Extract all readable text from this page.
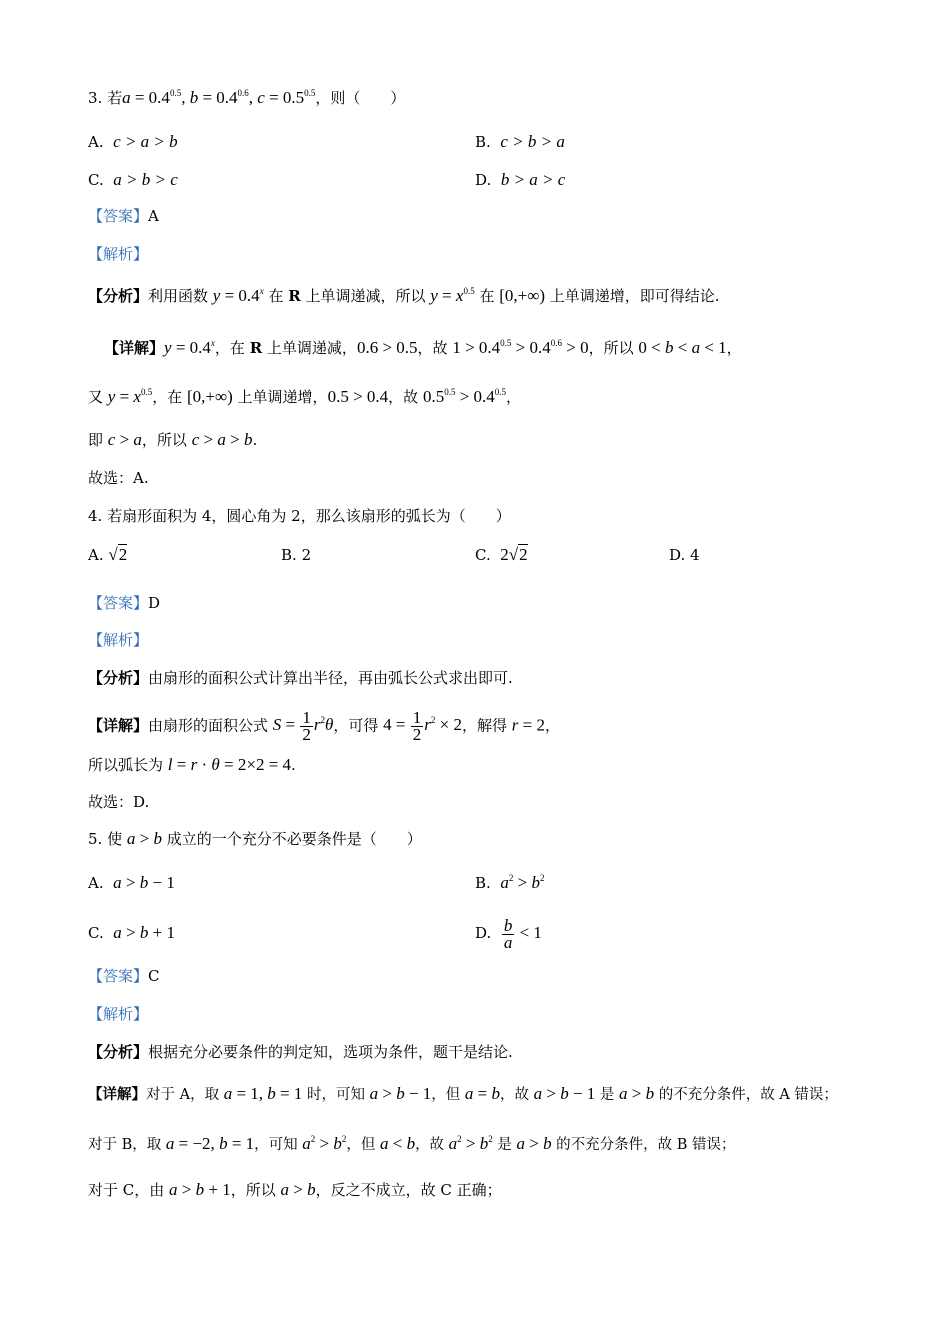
3. 若$a = 0.4^{0.5}$, $b = 0.4^{0.6}$, $c = 0.5^{0.5}$，则（　　）
A. c > a > b	B. c > b > a
C. a > b > c	D. b > a > c
【答案】A
【解析】
【分析】利用函数 $y = 0.4^x$ 在 R 上单调递减，所以 $y = x^{0.5}$ 在 [0,+∞) 上单调递增，即可得结论.
【详解】$y = 0.4^x$，在 R 上单调递减，0.6 > 0.5，故 $1 > 0.4^{0.5} > 0.4^{0.6} > 0$，所以 0 < b < a < 1，
又 $y = x^{0.5}$，在 [0,+∞) 上单调递增，0.5 > 0.4，故 $0.5^{0.5} > 0.4^{0.5}$，
即 c > a，所以 c > a > b.
故选：A.
4. 若扇形面积为 4，圆心角为 2，那么该扇形的弧长为（　　）
A. √2	B. 2	C. 2√2	D. 4
【答案】D
【解析】
【分析】由扇形的面积公式计算出半径，再由弧长公式求出即可.
【详解】由扇形的面积公式 $S = \frac{1}{2} r^2\theta$，可得 $4 = \frac{1}{2} r^2 \times 2$，解得 r = 2，
所以弧长为 l = r · θ = 2×2 = 4.
故选：D.
5. 使 a > b 成立的一个充分不必要条件是（　　）
A. a > b − 1	B. $a^2 > b^2$
C. a > b + 1	D. $\frac{b}{a} < 1$
【答案】C
【解析】
【分析】根据充分必要条件的判定知，选项为条件，题干是结论.
【详解】对于 A，取 a = 1, b = 1 时，可知 a > b − 1，但 a = b，故 a > b − 1 是 a > b 的不充分条件，故 A 错误；
对于 B，取 a = −2, b = 1，可知 $a^2 > b^2$，但 a < b，故 $a^2 > b^2$ 是 a > b 的不充分条件，故 B 错误；
对于 C，由 a > b + 1，所以 a > b，反之不成立，故 C 正确；
